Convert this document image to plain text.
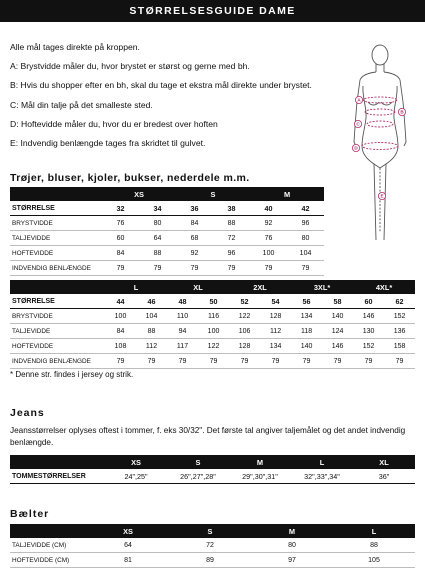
STØRRELSESGUIDE DAME

Alle mål tages direkte på kroppen.

A: Brystvidde måler du, hvor brystet er størst og gerne med bh.

B: Hvis du shopper efter en bh, skal du tage et ekstra mål direkte under brystet.

C: Mål din talje på det smalleste sted.

D: Hoftevidde måler du, hvor du er bredest over hoften

E: Indvendig benlængde tages fra skridtet til gulvet.

A
B
C
D
E
Trøjer, bluser, kjoler, bukser, nederdele m.m.
	XS		S		M	
STØRRELSE	32	34	36	38	40	42
BRYSTVIDDE	76	80	84	88	92	96
TALJEVIDDE	60	64	68	72	76	80
HOFTEVIDDE	84	88	92	96	100	104
INDVENDIG BENLÆNGDE	79	79	79	79	79	79
	L		XL		2XL		3XL*		4XL*	
STØRRELSE	44	46	48	50	52	54	56	58	60	62
BRYSTVIDDE	100	104	110	116	122	128	134	140	146	152
TALJEVIDDE	84	88	94	100	106	112	118	124	130	136
HOFTEVIDDE	108	112	117	122	128	134	140	146	152	158
INDVENDIG BENLÆNGDE	79	79	79	79	79	79	79	79	79	79
* Denne str. findes i jersey og strik.
Jeans
Jeansstørrelser oplyses oftest i tommer, f. eks 30/32". Det første tal angiver taljemålet og det andet indvendig benlængde.
	XS	S	M	L	XL
TOMMESTØRRELSER	24",25"	26",27",28"	29",30",31"	32",33",34"	36"
Bælter
	XS	S	M	L
TALJEVIDDE (CM)	64	72	80	88
HOFTEVIDDE (CM)	81	89	97	105
